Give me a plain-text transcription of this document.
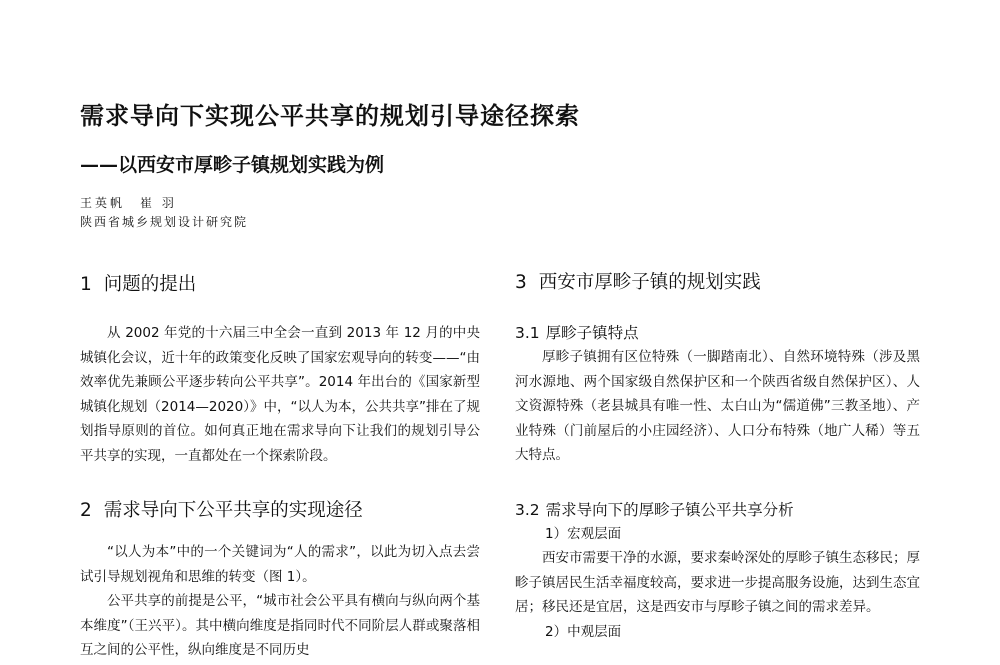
需求导向下实现公平共享的规划引导途径探索
——以西安市厚畛子镇规划实践为例
王英帆　崔 羽
陕西省城乡规划设计研究院
1 问题的提出

从 2002 年党的十六届三中全会一直到 2013 年 12 月的中央城镇化会议，近十年的政策变化反映了国家宏观导向的转变——“由效率优先兼顾公平逐步转向公平共享”。2014 年出台的《国家新型城镇化规划（2014—2020）》中，“以人为本，公共共享”排在了规划指导原则的首位。如何真正地在需求导向下让我们的规划引导公平共享的实现，一直都处在一个探索阶段。

2 需求导向下公平共享的实现途径

“以人为本”中的一个关键词为“人的需求”，以此为切入点去尝试引导规划视角和思维的转变（图 1）。

公平共享的前提是公平，“城市社会公平具有横向与纵向两个基本维度”（王兴平）。其中横向维度是指同时代不同阶层人群或聚落相互之间的公平性，纵向维度是不同历史

3 西安市厚畛子镇的规划实践
3.1 厚畛子镇特点

厚畛子镇拥有区位特殊（一脚踏南北）、自然环境特殊（涉及黑河水源地、两个国家级自然保护区和一个陕西省级自然保护区）、人文资源特殊（老县城具有唯一性、太白山为“儒道佛”三教圣地）、产业特殊（门前屋后的小庄园经济）、人口分布特殊（地广人稀）等五大特点。

3.2 需求导向下的厚畛子镇公平共享分析

1）宏观层面

西安市需要干净的水源，要求秦岭深处的厚畛子镇生态移民；厚畛子镇居民生活幸福度较高，要求进一步提高服务设施，达到生态宜居；移民还是宜居，这是西安市与厚畛子镇之间的需求差异。

2）中观层面
